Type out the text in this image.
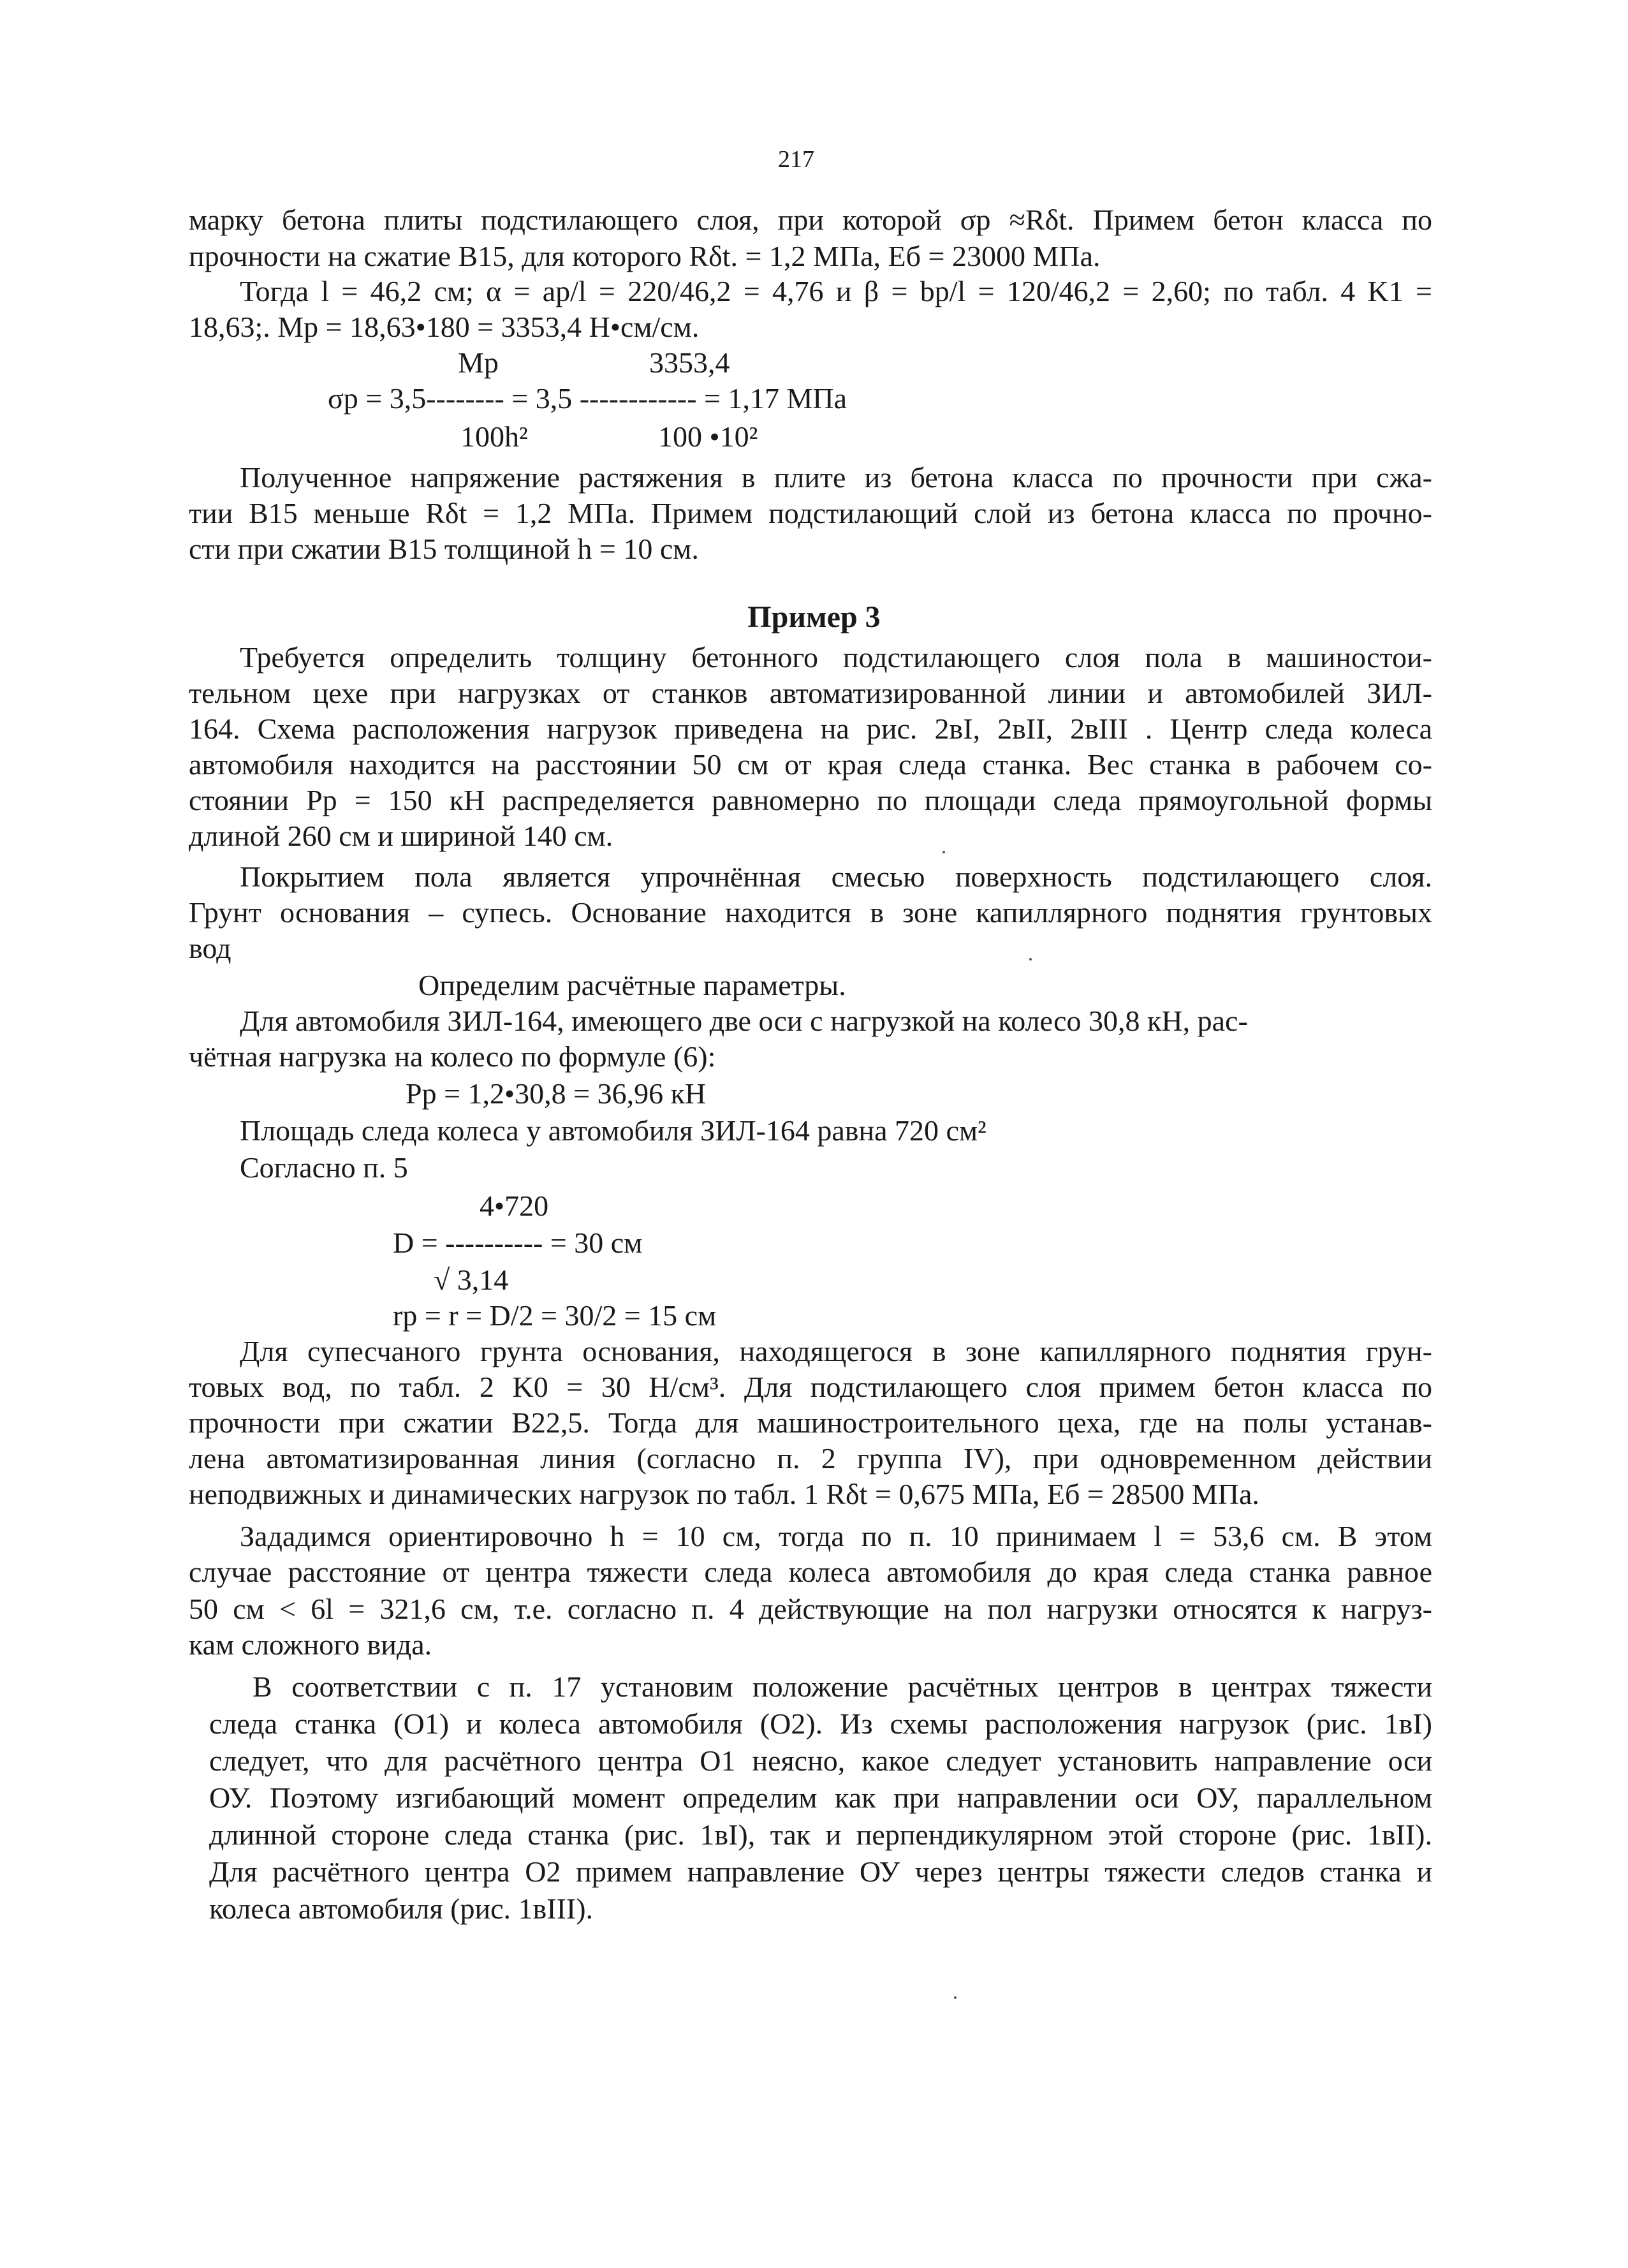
217
марку бетона плиты подстилающего слоя, при которой σp ≈Rδt. Примем бетон класса по
прочности на сжатие В15, для которого Rδt. = 1,2 МПа, Еб = 23000 МПа.
Тогда l = 46,2 см; α = ар/l = 220/46,2 = 4,76 и β = bр/l = 120/46,2 = 2,60; по табл. 4 K1 =
18,63;. Mр = 18,63•180 = 3353,4 Н•см/см.
Mр	3353,4
σр = 3,5-------- = 3,5 ------------ = 1,17 МПа
100h²	100 •10²
Полученное напряжение растяжения в плите из бетона класса по прочности при сжа-
тии В15 меньше Rδt = 1,2 МПа. Примем подстилающий слой из бетона класса по прочно-
сти при сжатии В15 толщиной h = 10 см.
Пример 3
Требуется определить толщину бетонного подстилающего слоя пола в машиностои-
тельном цехе при нагрузках от станков автоматизированной линии и автомобилей ЗИЛ-
164. Схема расположения нагрузок приведена на рис. 2вI, 2вII, 2вIII . Центр следа колеса
автомобиля находится на расстоянии 50 см от края следа станка. Вес станка в рабочем со-
стоянии Pр = 150 кН распределяется равномерно по площади следа прямоугольной формы
длиной 260 см и шириной 140 см.
Покрытием пола является упрочнённая смесью поверхность подстилающего слоя.
Грунт основания – супесь. Основание находится в зоне капиллярного поднятия грунтовых
вод
Определим расчётные параметры.
Для автомобиля ЗИЛ-164, имеющего две оси с нагрузкой на колесо 30,8 кН, рас-
чётная нагрузка на колесо по формуле (6):
Pр = 1,2•30,8 = 36,96 кН
Площадь следа колеса у автомобиля ЗИЛ-164 равна 720 см²
Согласно п. 5
4•720
D = ---------- = 30 см
√ 3,14
rр = r = D/2 = 30/2 = 15 см
Для супесчаного грунта основания, находящегося в зоне капиллярного поднятия грун-
товых вод, по табл. 2 K0 = 30 Н/см³. Для подстилающего слоя примем бетон класса по
прочности при сжатии В22,5. Тогда для машиностроительного цеха, где на полы устанав-
лена автоматизированная линия (согласно п. 2 группа IV), при одновременном действии
неподвижных и динамических нагрузок по табл. 1 Rδt = 0,675 МПа, Eб = 28500 МПа.
Зададимся ориентировочно h = 10 см, тогда по п. 10 принимаем l = 53,6 см. В этом
случае расстояние от центра тяжести следа колеса автомобиля до края следа станка равное
50 см < 6l = 321,6 см, т.е. согласно п. 4 действующие на пол нагрузки относятся к нагруз-
кам сложного вида.
В соответствии с п. 17 установим положение расчётных центров в центрах тяжести
следа станка (O1) и колеса автомобиля (O2). Из схемы расположения нагрузок (рис. 1вI)
следует, что для расчётного центра O1 неясно, какое следует установить направление оси
ОУ. Поэтому изгибающий момент определим как при направлении оси ОУ, параллельном
длинной стороне следа станка (рис. 1вI), так и перпендикулярном этой стороне (рис. 1вII).
Для расчётного центра O2 примем направление ОУ через центры тяжести следов станка и
колеса автомобиля (рис. 1вIII).
